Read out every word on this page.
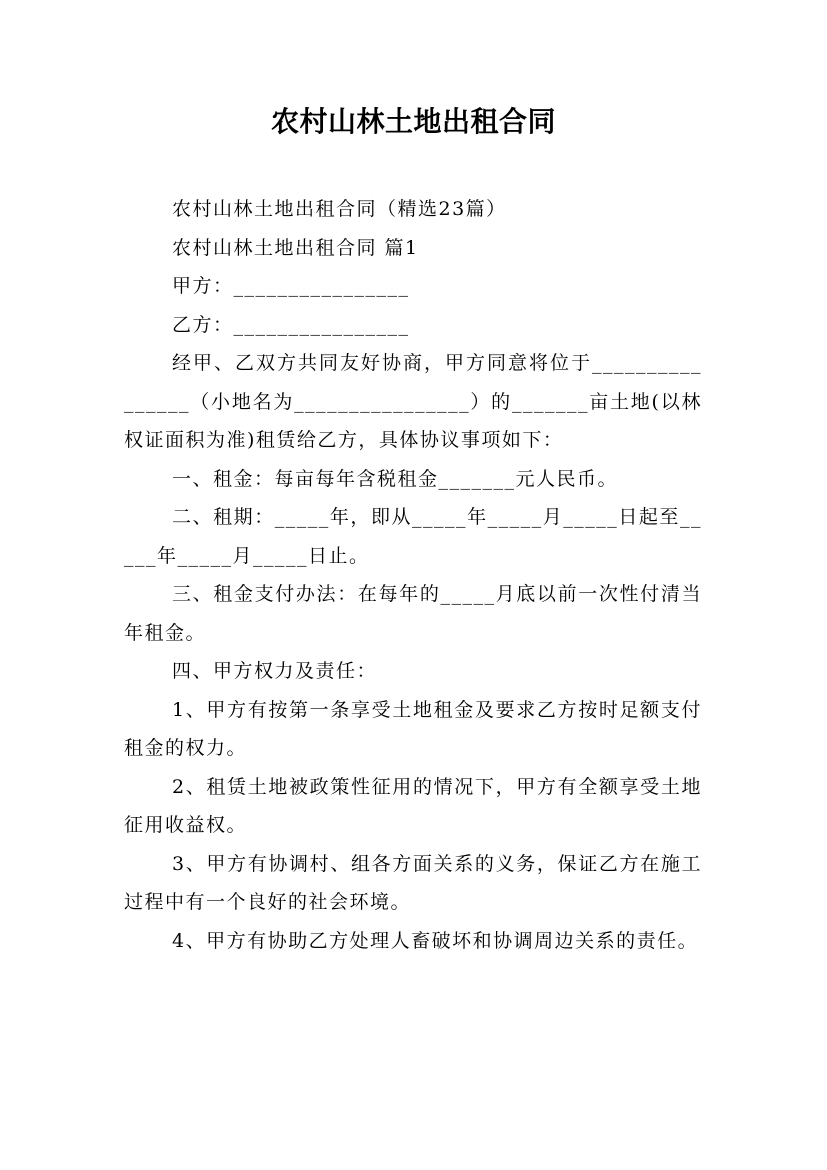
农村山林土地出租合同

农村山林土地出租合同（精选23篇）

农村山林土地出租合同 篇1

甲方：________________

乙方：________________

经甲、乙双方共同友好协商，甲方同意将位于________________（小地名为________________）的_______亩土地(以林权证面积为准)租赁给乙方，具体协议事项如下：

一、租金：每亩每年含税租金_______元人民币。

二、租期：_____年，即从_____年_____月_____日起至_____年_____月_____日止。

三、租金支付办法：在每年的_____月底以前一次性付清当年租金。

四、甲方权力及责任：

1、甲方有按第一条享受土地租金及要求乙方按时足额支付租金的权力。

2、租赁土地被政策性征用的情况下，甲方有全额享受土地征用收益权。

3、甲方有协调村、组各方面关系的义务，保证乙方在施工过程中有一个良好的社会环境。

4、甲方有协助乙方处理人畜破坏和协调周边关系的责任。
